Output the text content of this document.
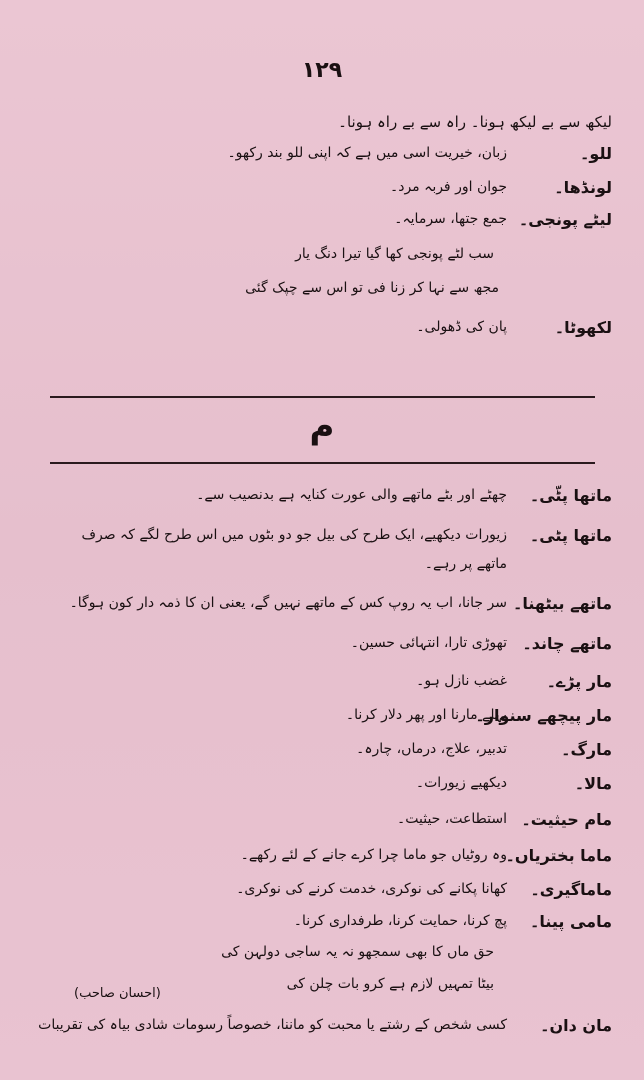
۱۲۹
لیکھ سے بے لیکھ ہونا۔ راہ سے بے راہ ہونا۔
للو۔
زبان، خیریت اسی میں ہے کہ اپنی للو بند رکھو۔
لونڈھا۔
جوان اور فربہ مرد۔
لیٹے پونجی۔
جمع جتھا، سرمایہ۔
سب لٹے پونجی کھا گیا تیرا دنگ یار
مجھ سے نہا کر زنا فی تو اس سے چپک گئی
لکھوٹا۔
پان کی ڈھولی۔
م
ماتھا پٹّی۔
چھٹے اور بٹے ماتھے والی عورت کنایہ ہے بدنصیب سے۔
ماتھا پٹی۔
زیورات دیکھیے، ایک طرح کی بیل جو دو بٹوں میں اس طرح لگے کہ صرف
ماتھے پر رہے۔
ماتھے بیٹھنا۔
سر جانا، اب یہ روپ کس کے ماتھے نہیں گے، یعنی ان کا ذمہ دار کون ہوگا۔
ماتھے چاند۔
تھوڑی تارا، انتہائی حسین۔
مار پڑے۔
غضب نازل ہو۔
مار پیچھے سنوار۔
پہلے مارنا اور پھر دلار کرنا۔
مارگ۔
تدبیر، علاج، درماں، چارہ۔
مالا۔
دیکھیے زیورات۔
مام حیثیت۔
استطاعت، حیثیت۔
ماما بختریاں۔
وہ روٹیاں جو ماما چرا کرے جانے کے لئے رکھے۔
ماماگیری۔
کھانا پکانے کی نوکری، خدمت کرنے کی نوکری۔
مامی پینا۔
پچ کرنا، حمایت کرنا، طرفداری کرنا۔
حق ماں کا بھی سمجھو نہ یہ ساجی دولہن کی
بیٹا تمہیں لازم ہے کرو بات چلن کی
(احسان صاحب)
مان دان۔
کسی شخص کے رشتے یا محبت کو ماننا، خصوصاً رسومات شادی بیاہ کی تقریبات
